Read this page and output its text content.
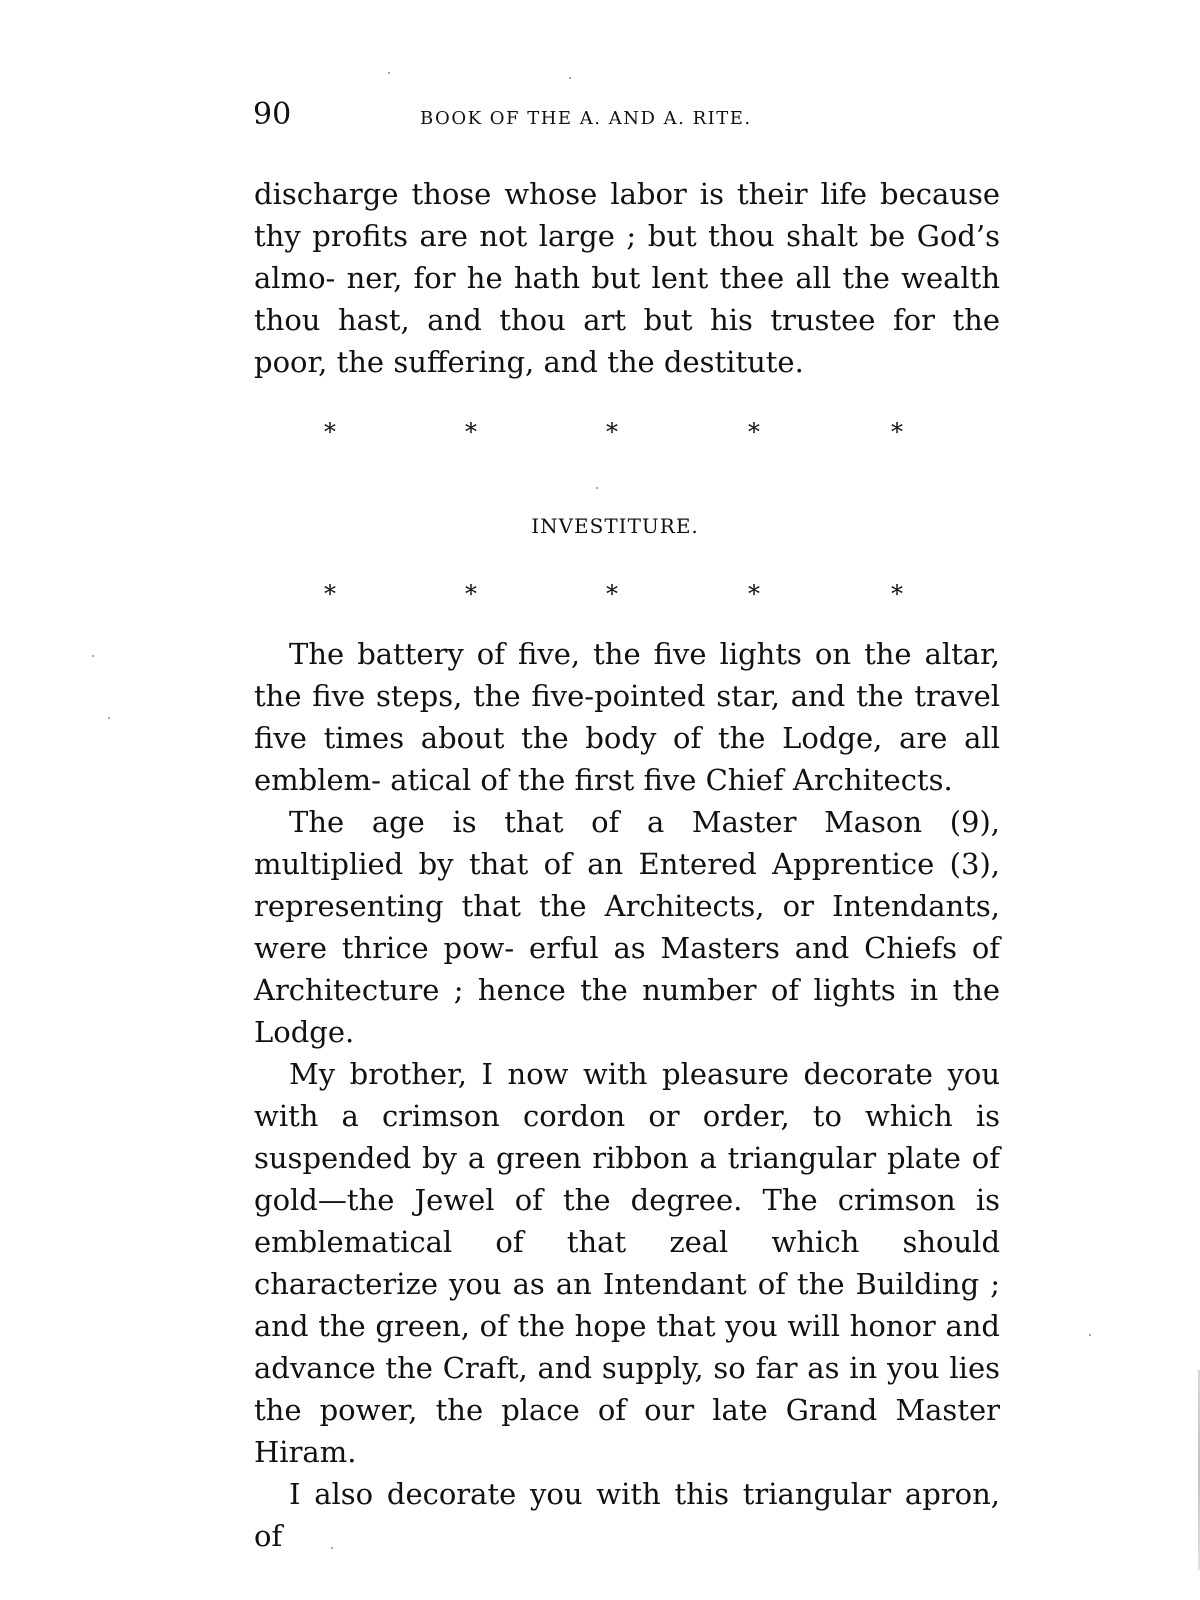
90	BOOK OF THE A. AND A. RITE.
discharge those whose labor is their life because thy profits are not large ; but thou shalt be God’s almo- ner, for he hath but lent thee all the wealth thou hast, and thou art but his trustee for the poor, the suffering, and the destitute.
*	*	*	*	*
INVESTITURE.
*	*	*	*	*
The battery of five, the five lights on the altar, the five steps, the five-pointed star, and the travel five times about the body of the Lodge, are all emblem- atical of the first five Chief Architects.
The age is that of a Master Mason (9), multiplied by that of an Entered Apprentice (3), representing that the Architects, or Intendants, were thrice pow- erful as Masters and Chiefs of Architecture ; hence the number of lights in the Lodge.
My brother, I now with pleasure decorate you with a crimson cordon or order, to which is suspended by a green ribbon a triangular plate of gold—the Jewel of the degree. The crimson is emblematical of that zeal which should characterize you as an Intendant of the Building ; and the green, of the hope that you will honor and advance the Craft, and supply, so far as in you lies the power, the place of our late Grand Master Hiram.
I also decorate you with this triangular apron, of
